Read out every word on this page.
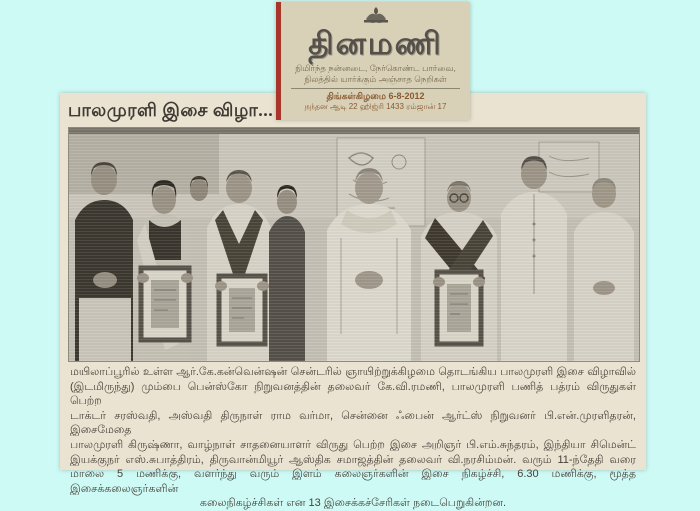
பாலமுரளி இசை விழா...
மயிலாப்பூரில் உள்ள ஆர்.கே.கன்வென்ஷன் சென்டரில் ஞாயிற்றுக்கிழமை தொடங்கிய பாலமுரளி இசை விழாவில்
(இடமிருந்து) மும்பை பென்ஸ்கோ நிறுவனத்தின் தலைவர் கே.வி.ரமணி, பாலமுரளி பணித் பத்ரம் விருதுகள் பெற்ற
டாக்டர் சரஸ்வதி, அஸ்வதி திருநாள் ராம வர்மா, சென்னை ஃபைன் ஆர்ட்ஸ் நிறுவனர் பி.என்.முரளிதரன், இசைமேதை
பாலமுரளி கிருஷ்ணா, வாழ்நாள் சாதனையாளர் விருது பெற்ற இசை அறிஞர் பி.எம்.சுந்தரம், இந்தியா சிமென்ட்
இயக்குநர் எஸ்.சுபாத்திரம், திருவான்மியூர் ஆஸ்திக சமாஜத்தின் தலைவர் வி.நரசிம்மன். வரும் 11-ந்தேதி வரை
மாலை 5 மணிக்கு, வளர்ந்து வரும் இளம் கலைஞர்களின் இசை நிகழ்ச்சி, 6.30 மணிக்கு, மூத்த இசைக்கலைஞர்களின்
கலைநிகழ்ச்சிகள் என 13 இசைக்கச்சேரிகள் நடைபெறுகின்றன.
தினமணி
நிமிர்ந்த நன்னடை, நேர்கொண்ட பார்வை,
நிலத்தில் யார்க்கும் அஞ்சாத நெறிகள்
திங்கள்கிழமை 6-8-2012
நந்தன ஆடி 22 ஹிஜ்ரி 1433 ரம்ஜான் 17
